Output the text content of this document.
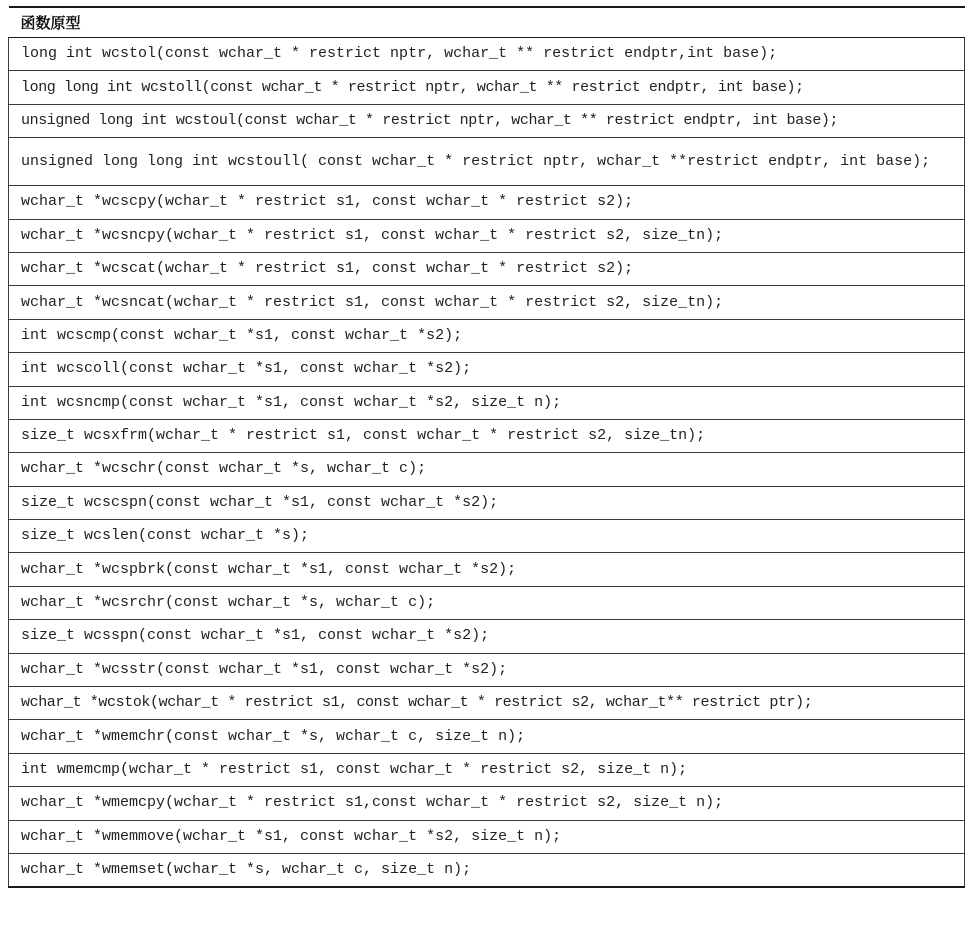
函数原型
long int wcstol(const wchar_t * restrict nptr, wchar_t ** restrict endptr,int base);
long long int wcstoll(const wchar_t * restrict nptr, wchar_t ** restrict endptr, int base);
unsigned long int wcstoul(const wchar_t * restrict nptr, wchar_t ** restrict endptr, int base);
unsigned long long int wcstoull( const wchar_t * restrict nptr, wchar_t **restrict endptr, int base);
wchar_t *wcscpy(wchar_t * restrict s1, const wchar_t * restrict s2);
wchar_t *wcsncpy(wchar_t * restrict s1, const wchar_t * restrict s2, size_tn);
wchar_t *wcscat(wchar_t * restrict s1, const wchar_t * restrict s2);
wchar_t *wcsncat(wchar_t * restrict s1, const wchar_t * restrict s2, size_tn);
int wcscmp(const wchar_t *s1, const wchar_t *s2);
int wcscoll(const wchar_t *s1, const wchar_t *s2);
int wcsncmp(const wchar_t *s1, const wchar_t *s2, size_t n);
size_t wcsxfrm(wchar_t * restrict s1, const wchar_t * restrict s2, size_tn);
wchar_t *wcschr(const wchar_t *s, wchar_t c);
size_t wcscspn(const wchar_t *s1, const wchar_t *s2);
size_t wcslen(const wchar_t *s);
wchar_t *wcspbrk(const wchar_t *s1, const wchar_t *s2);
wchar_t *wcsrchr(const wchar_t *s, wchar_t c);
size_t wcsspn(const wchar_t *s1, const wchar_t *s2);
wchar_t *wcsstr(const wchar_t *s1, const wchar_t *s2);
wchar_t *wcstok(wchar_t * restrict s1, const wchar_t * restrict s2, wchar_t** restrict ptr);
wchar_t *wmemchr(const wchar_t *s, wchar_t c, size_t n);
int wmemcmp(wchar_t * restrict s1, const wchar_t * restrict s2, size_t n);
wchar_t *wmemcpy(wchar_t * restrict s1,const wchar_t * restrict s2, size_t n);
wchar_t *wmemmove(wchar_t *s1, const wchar_t *s2, size_t n);
wchar_t *wmemset(wchar_t *s, wchar_t c, size_t n);
